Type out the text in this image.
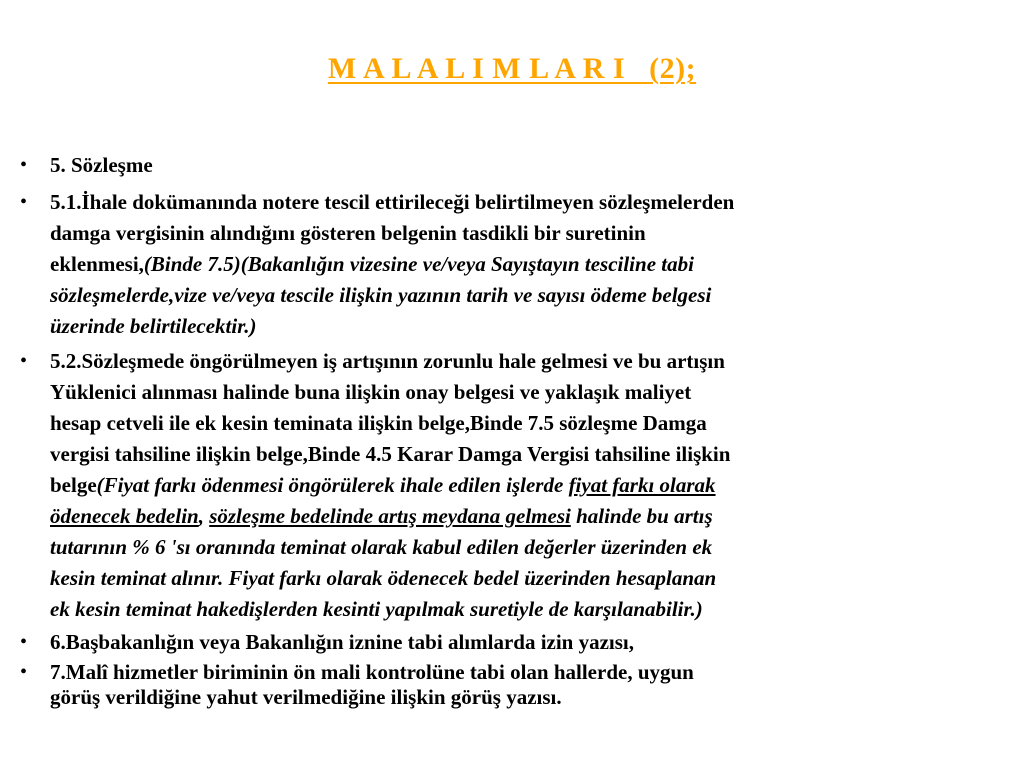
M A L A L I M L A R I   (2);
•	5. Sözleşme
•	5.1.İhale dokümanında notere tescil ettirileceği belirtilmeyen sözleşmelerden
damga vergisinin alındığını gösteren belgenin tasdikli bir suretinin
eklenmesi,(Binde 7.5)(Bakanlığın vizesine ve/veya Sayıştayın tesciline tabi
sözleşmelerde,vize ve/veya tescile ilişkin yazının tarih ve sayısı ödeme belgesi
üzerinde belirtilecektir.)
•	5.2.Sözleşmede öngörülmeyen iş artışının zorunlu hale gelmesi ve bu artışın
Yüklenici alınması halinde buna ilişkin onay belgesi ve yaklaşık maliyet
hesap cetveli ile ek kesin teminata ilişkin belge,Binde 7.5 sözleşme Damga
vergisi tahsiline ilişkin belge,Binde 4.5 Karar Damga Vergisi tahsiline ilişkin
belge(Fiyat farkı ödenmesi öngörülerek ihale edilen işlerde fiyat farkı olarak
ödenecek bedelin, sözleşme bedelinde artış meydana gelmesi halinde bu artış
tutarının % 6 'sı oranında teminat olarak kabul edilen değerler üzerinden ek
kesin teminat alınır. Fiyat farkı olarak ödenecek bedel üzerinden hesaplanan
ek kesin teminat hakedişlerden kesinti yapılmak suretiyle de karşılanabilir.)
•	6.Başbakanlığın veya Bakanlığın iznine tabi alımlarda izin yazısı,
•	7.Malî hizmetler biriminin ön mali kontrolüne tabi olan hallerde, uygun
görüş verildiğine yahut verilmediğine ilişkin görüş yazısı.
